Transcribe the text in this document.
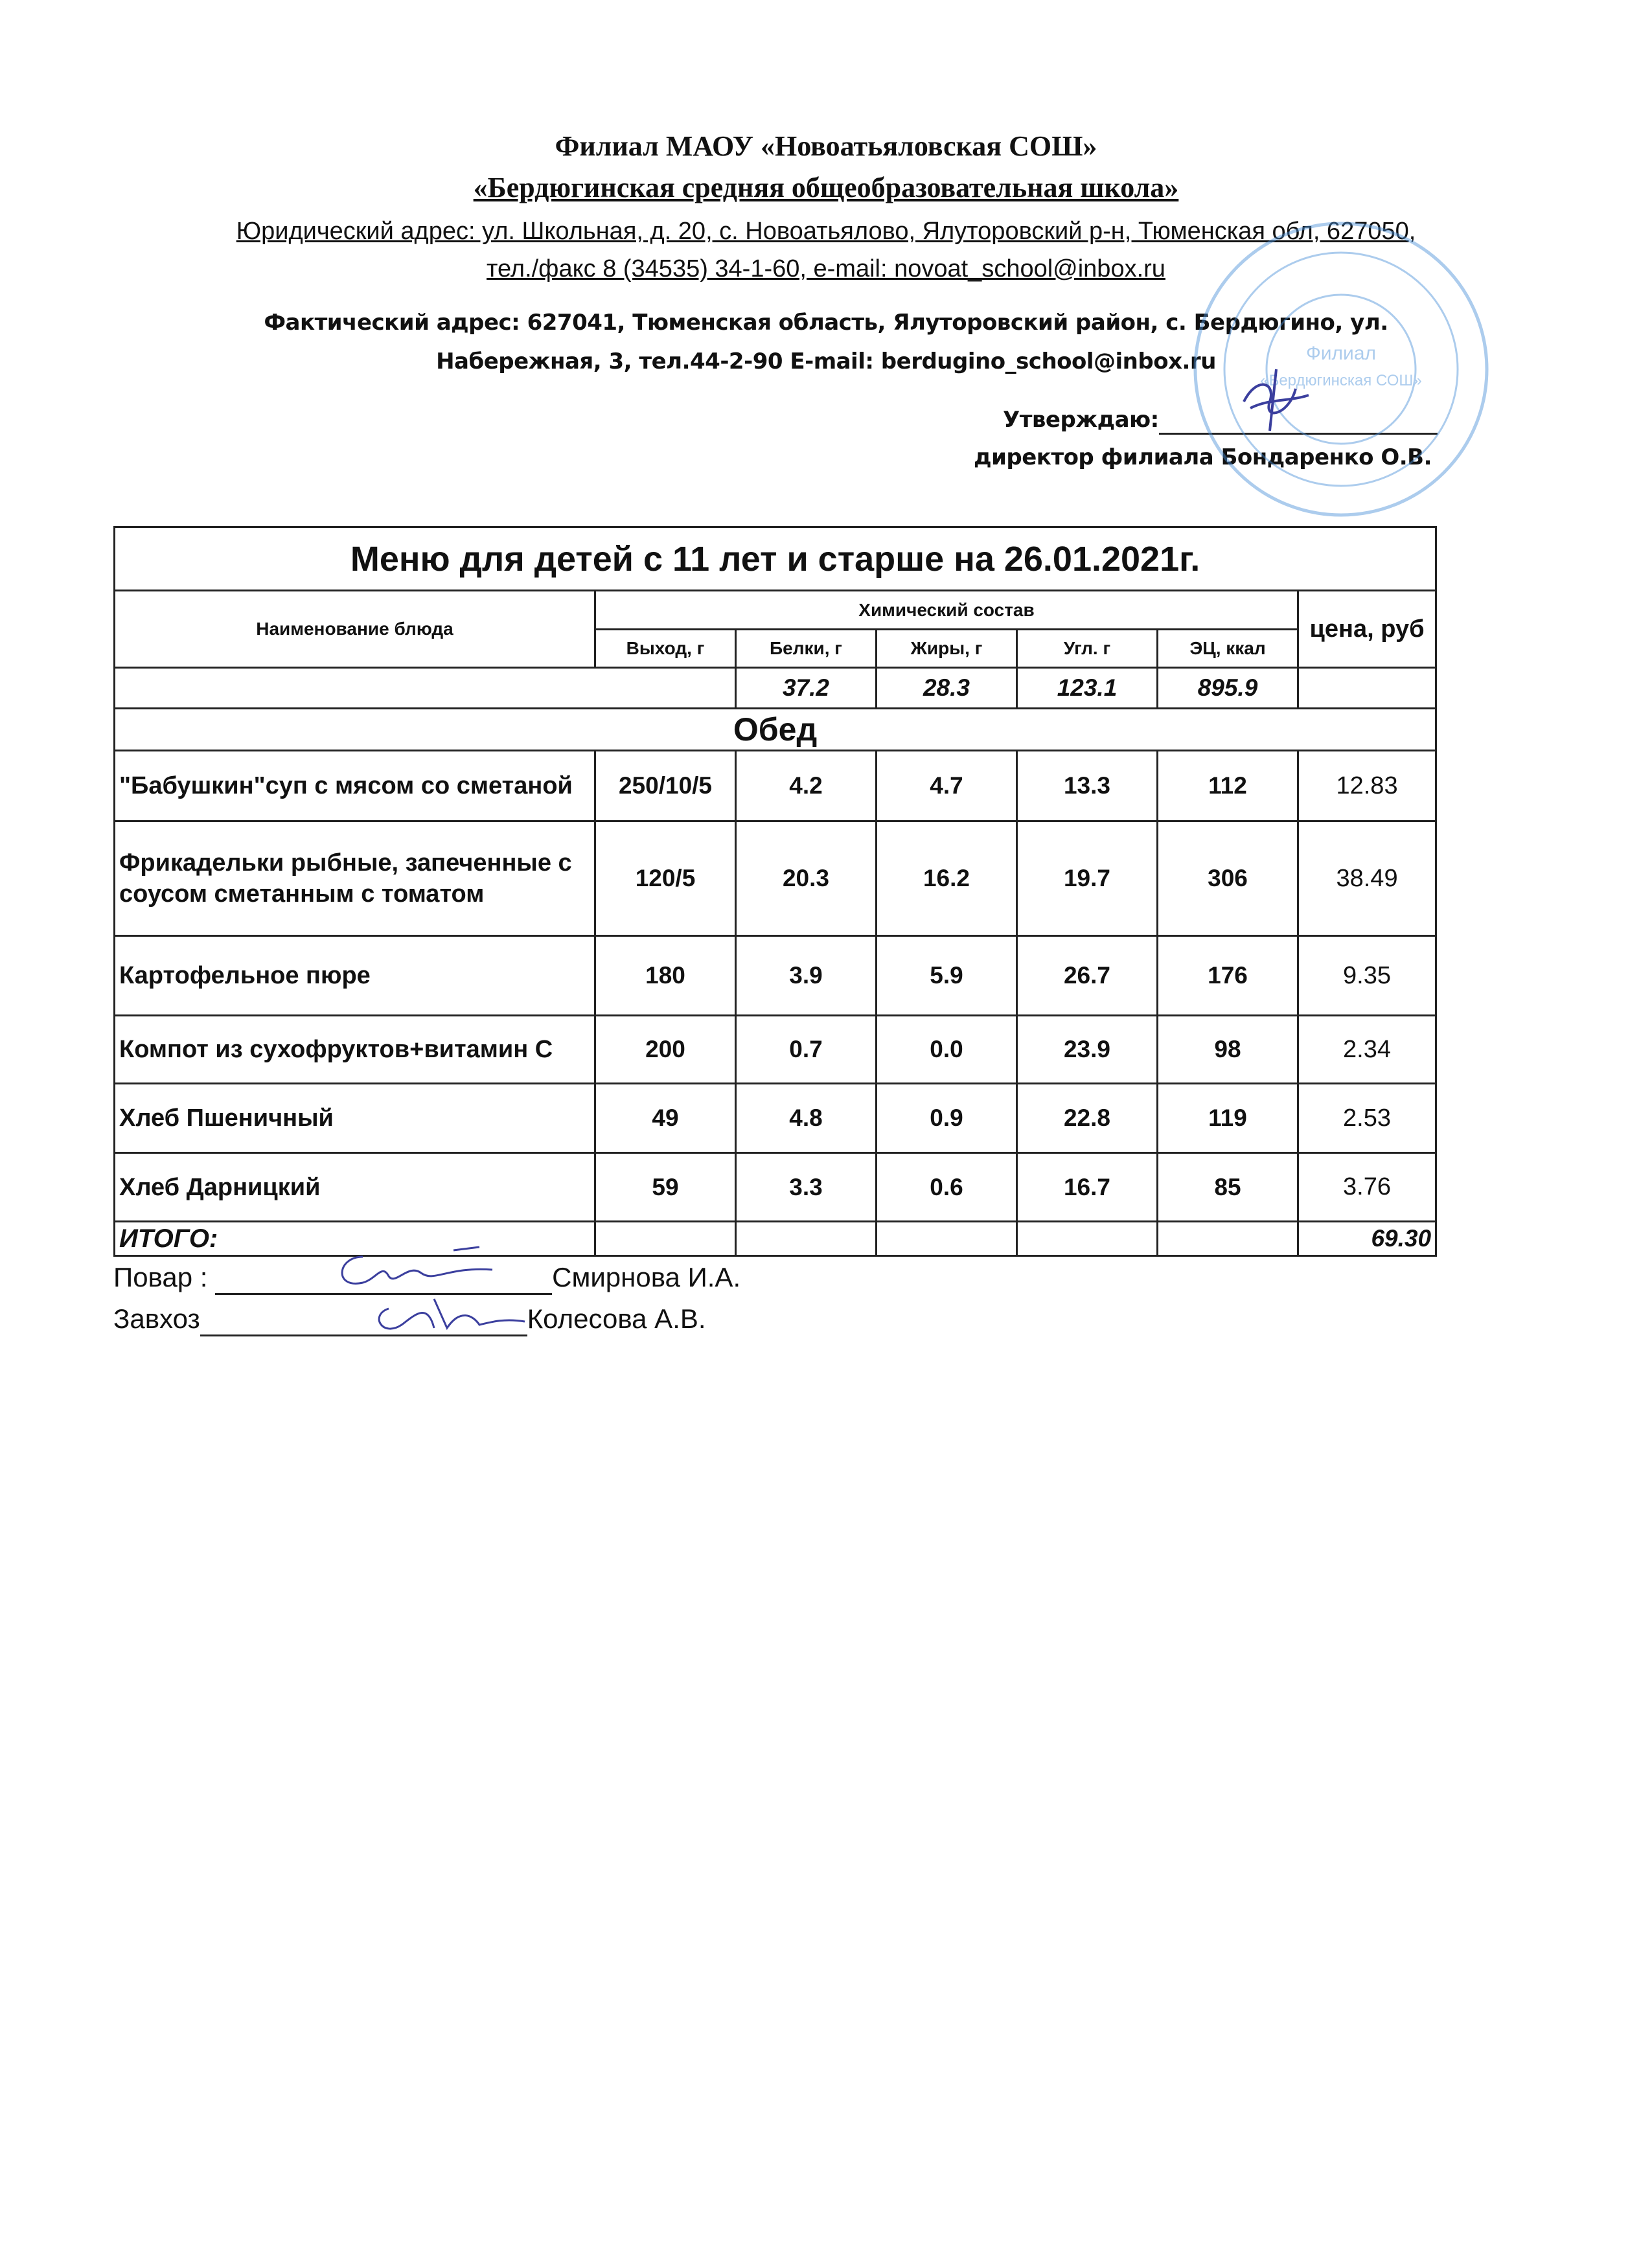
Филиал МАОУ «Новоатьяловская СОШ»
«Бердюгинская средняя общеобразовательная школа»
Юридический адрес: ул. Школьная, д. 20, с. Новоатьялово, Ялуторовский р-н, Тюменская обл, 627050,
тел./факс 8 (34535) 34-1-60, e-mail: novoat_school@inbox.ru
Фактический адрес: 627041, Тюменская область, Ялуторовский район, с. Бердюгино, ул.
Набережная, 3, тел.44-2-90 E-mail: berdugino_school@inbox.ru
Утверждаю:
директор филиала Бондаренко О.В.
Филиал
«Бердюгинская СОШ»
Меню для детей с 11 лет и старше на 26.01.2021г.						
Наименование блюда	Химический состав					цена, руб
	Выход, г	Белки, г	Жиры, г	Угл. г	ЭЦ, ккал	
		37.2	28.3	123.1	895.9	
Обед						
"Бабушкин"суп с мясом со сметаной	250/10/5	4.2	4.7	13.3	112	12.83
Фрикадельки рыбные, запеченные с соусом сметанным с томатом	120/5	20.3	16.2	19.7	306	38.49
Картофельное пюре	180	3.9	5.9	26.7	176	9.35
Компот из сухофруктов+витамин С	200	0.7	0.0	23.9	98	2.34
Хлеб Пшеничный	49	4.8	0.9	22.8	119	2.53
Хлеб Дарницкий	59	3.3	0.6	16.7	85	3.76
ИТОГО:						69.30
Повар :	Смирнова И.А.
Завхоз	Колесова А.В.
